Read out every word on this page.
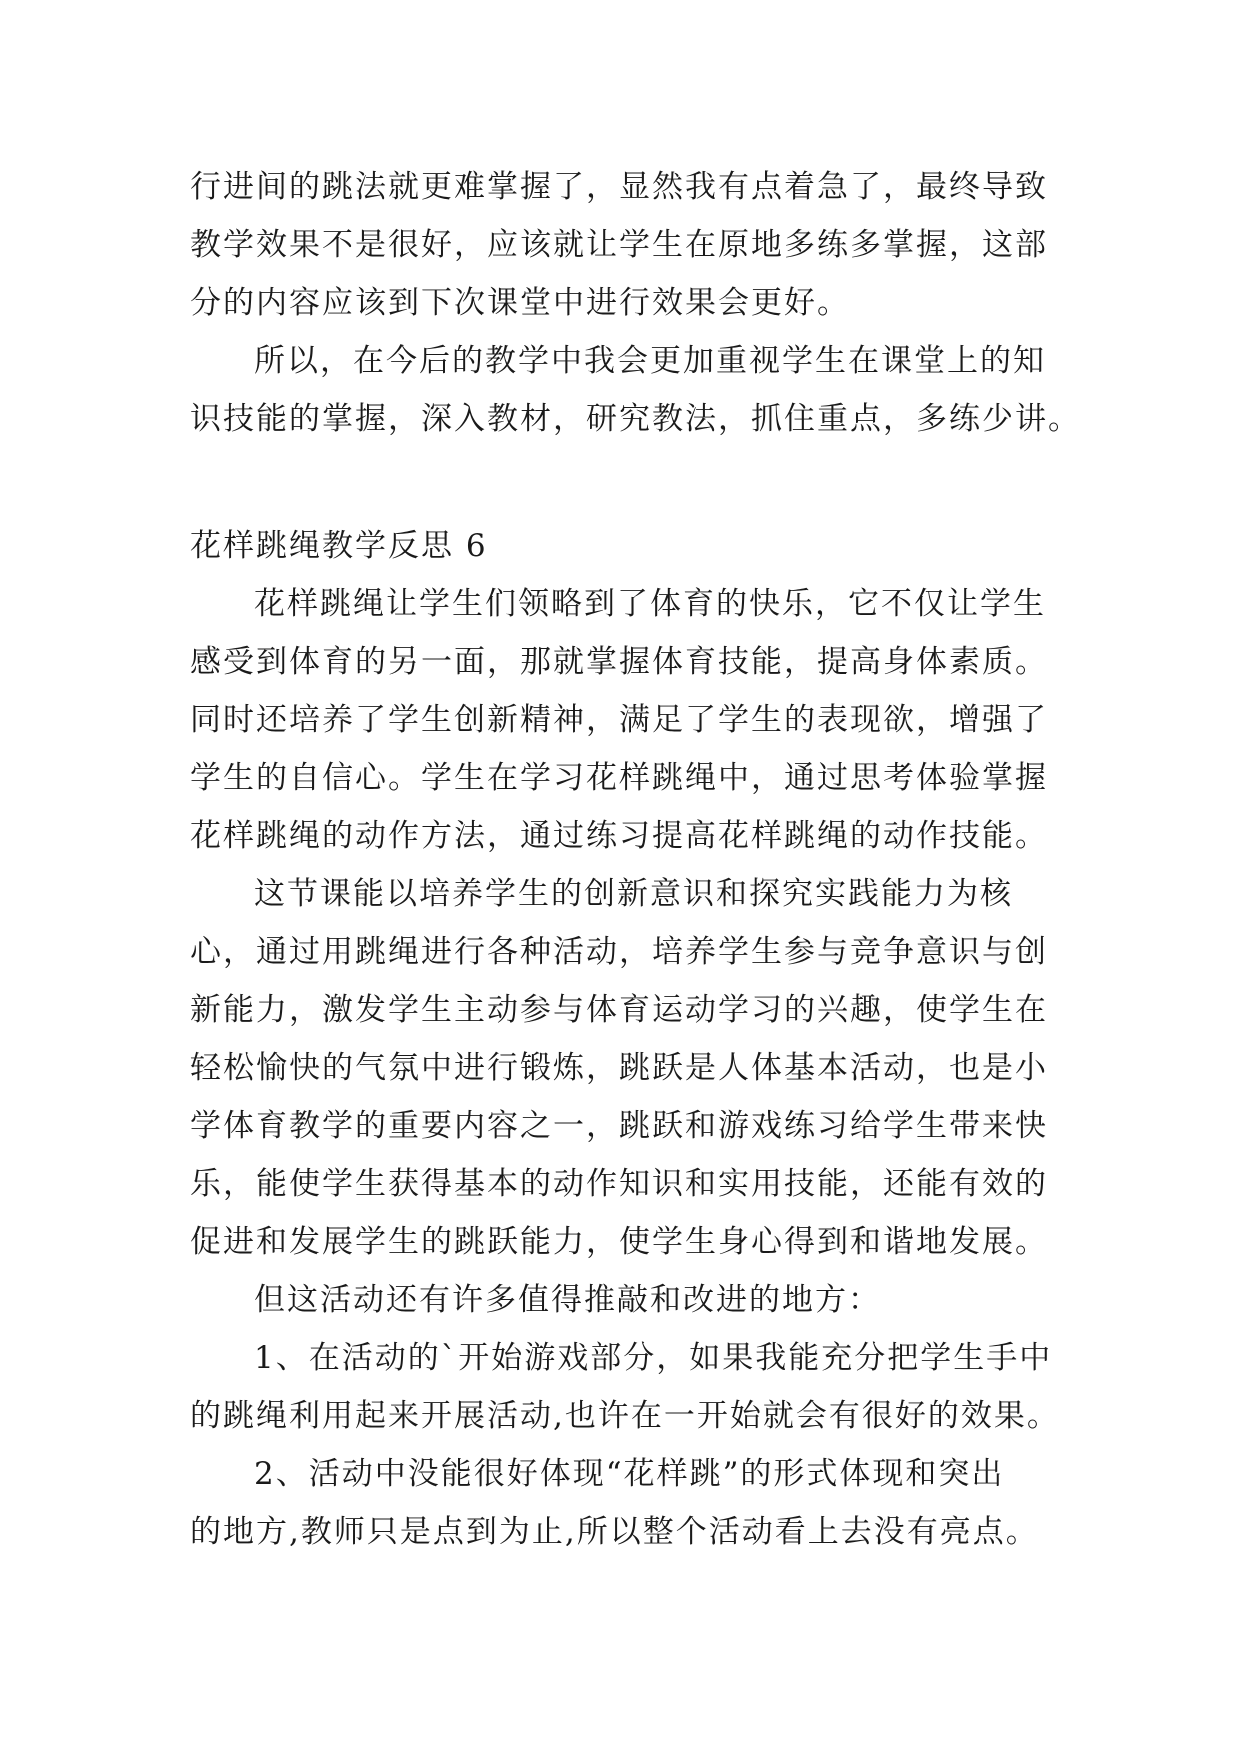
行进间的跳法就更难掌握了，显然我有点着急了，最终导致
教学效果不是很好，应该就让学生在原地多练多掌握，这部
分的内容应该到下次课堂中进行效果会更好。
所以，在今后的教学中我会更加重视学生在课堂上的知
识技能的掌握，深入教材，研究教法，抓住重点，多练少讲。
花样跳绳教学反思 6
花样跳绳让学生们领略到了体育的快乐，它不仅让学生
感受到体育的另一面，那就掌握体育技能，提高身体素质。
同时还培养了学生创新精神，满足了学生的表现欲，增强了
学生的自信心。学生在学习花样跳绳中，通过思考体验掌握
花样跳绳的动作方法，通过练习提高花样跳绳的动作技能。
这节课能以培养学生的创新意识和探究实践能力为核
心，通过用跳绳进行各种活动，培养学生参与竞争意识与创
新能力，激发学生主动参与体育运动学习的兴趣，使学生在
轻松愉快的气氛中进行锻炼，跳跃是人体基本活动，也是小
学体育教学的重要内容之一，跳跃和游戏练习给学生带来快
乐，能使学生获得基本的动作知识和实用技能，还能有效的
促进和发展学生的跳跃能力，使学生身心得到和谐地发展。
但这活动还有许多值得推敲和改进的地方：
1、在活动的`开始游戏部分，如果我能充分把学生手中
的跳绳利用起来开展活动,也许在一开始就会有很好的效果。
2、活动中没能很好体现“花样跳”的形式体现和突出
的地方,教师只是点到为止,所以整个活动看上去没有亮点。
